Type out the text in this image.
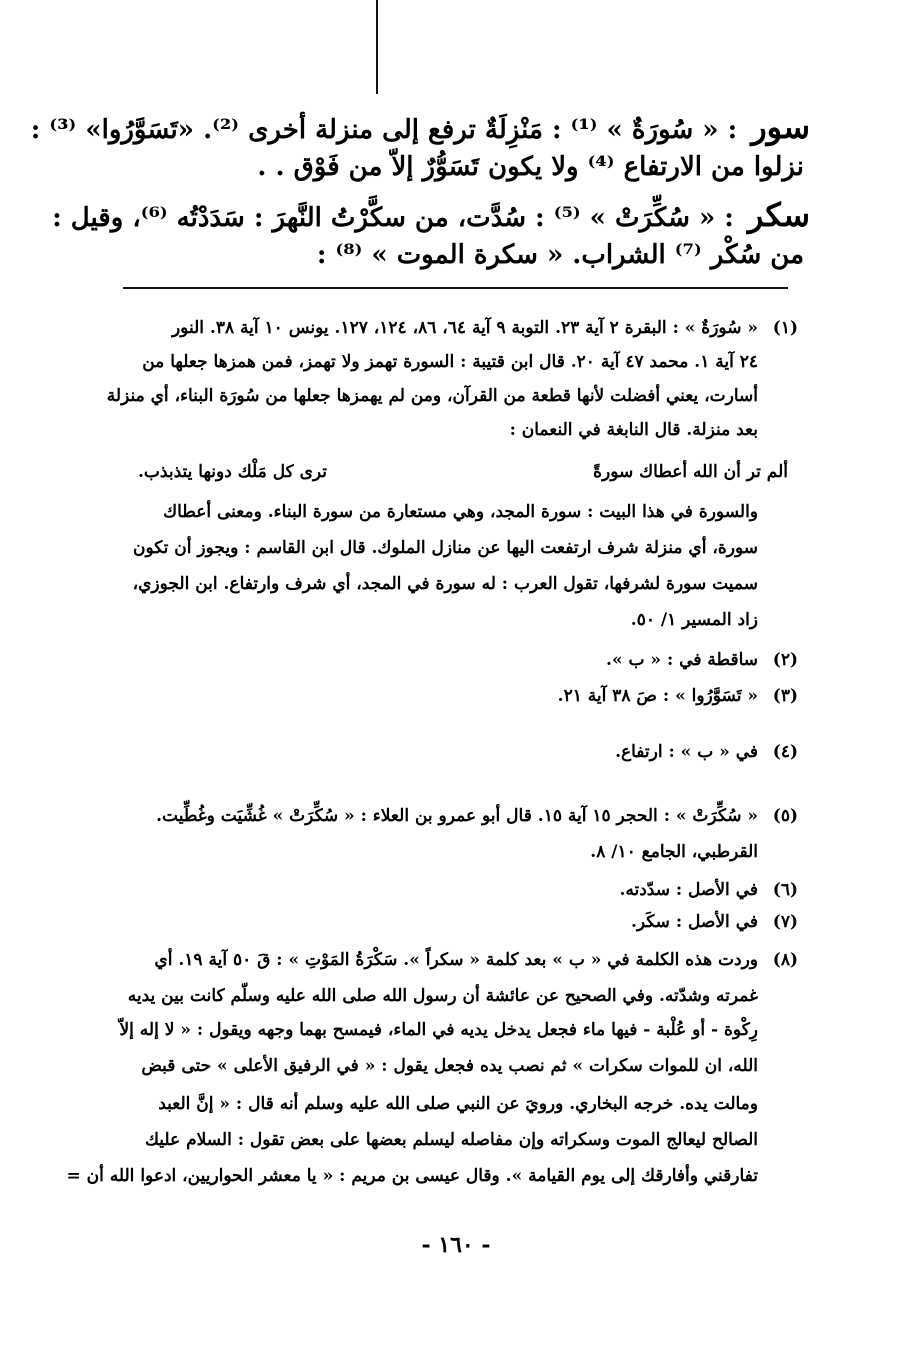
سور: « سُورَةٌ » ⁽¹⁾ : مَنْزِلَةٌ ترفع إلى منزلة أخرى ⁽²⁾. «تَسَوَّرُوا» ⁽³⁾ :
نزلوا من الارتفاع ⁽⁴⁾ ولا يكون تَسَوُّرٌ إلاّ من فَوْق . .
سكر: « سُكِّرَتْ » ⁽⁵⁾ : سُدَّت، من سكَّرْتُ النَّهرَ : سَدَدْتُه ⁽⁶⁾، وقيل :
من سُكْر ⁽⁷⁾ الشراب. « سكرة الموت » ⁽⁸⁾ :
(١)« سُورَةٌ » : البقرة ٢ آية ٢٣. التوبة ٩ آية ٦٤، ٨٦، ١٢٤، ١٢٧. يونس ١٠ آية ٣٨. النور
٢٤ آية ١. محمد ٤٧ آية ٢٠. قال ابن قتيبة : السورة تهمز ولا تهمز، فمن همزها جعلها من
أسارت، يعني أفضلت لأنها قطعة من القرآن، ومن لم يهمزها جعلها من سُورَة البناء، أي منزلة
بعد منزلة. قال النابغة في النعمان :
ألم تر أن الله أعطاك سورةً
ترى كل مَلْك دونها يتذبذب.
والسورة في هذا البيت : سورة المجد، وهي مستعارة من سورة البناء. ومعنى أعطاك
سورة، أي منزلة شرف ارتفعت اليها عن منازل الملوك. قال ابن القاسم : ويجوز أن تكون
سميت سورة لشرفها، تقول العرب : له سورة في المجد، أي شرف وارتفاع. ابن الجوزي،
زاد المسير ١/ ٥٠.
(٢)ساقطة في : « ب ».
(٣)« تَسَوَّرُوا » : صَ ٣٨ آية ٢١.
(٤)في « ب » : ارتفاع.
(٥)« سُكِّرَتْ » : الحجر ١٥ آية ١٥. قال أبو عمرو بن العلاء : « سُكِّرَتْ » غُشِّيَت وغُطِّيت.
القرطبي، الجامع ١٠/ ٨.
(٦)في الأصل : سدّدته.
(٧)في الأصل : سكَر.
(٨)وردت هذه الكلمة في « ب » بعد كلمة « سكراً ». سَكْرَةُ المَوْتِ » : قَ ٥٠ آية ١٩. أي
غمرته وشدّته. وفي الصحيح عن عائشة أن رسول الله صلى الله عليه وسلّم كانت بين يديه
رِكْوة - أو عُلْبة - فيها ماء فجعل يدخل يديه في الماء، فيمسح بهما وجهه ويقول : « لا إله إلاّ
الله، ان للموات سكرات » ثم نصب يده فجعل يقول : « في الرفيق الأعلى » حتى قبض
ومالت يده. خرجه البخاري. ورويَ عن النبي صلى الله عليه وسلم أنه قال : « إنَّ العبد
الصالح ليعالج الموت وسكراته وإن مفاصله ليسلم بعضها على بعض تقول : السلام عليك
تفارقني وأفارقك إلى يوم القيامة ». وقال عيسى بن مريم : « يا معشر الحواريين، ادعوا الله أن =
- ١٦٠ -
